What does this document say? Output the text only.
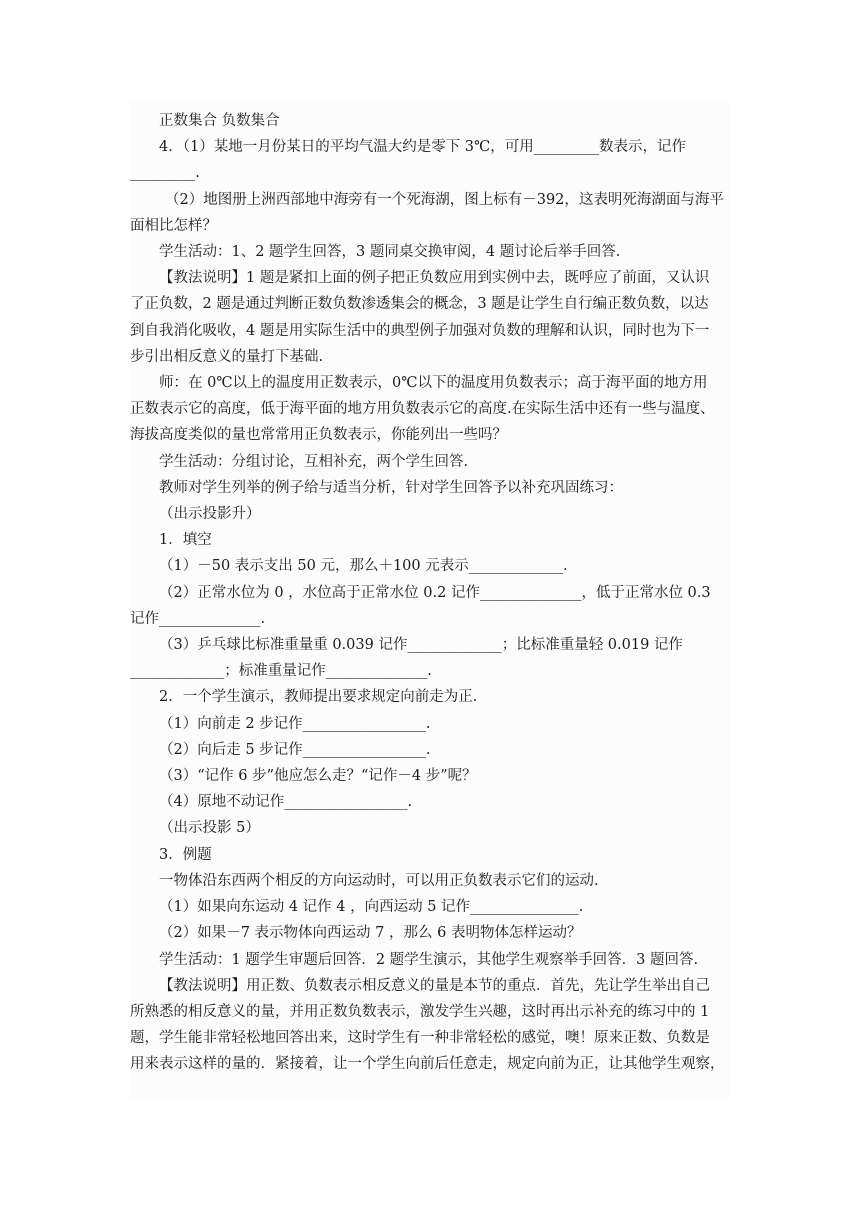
正数集合 负数集合

4．（1）某地一月份某日的平均气温大约是零下 3℃，可用_________数表示，记作

_________.

（2）地图册上洲西部地中海旁有一个死海湖，图上标有－392，这表明死海湖面与海平

面相比怎样？

学生活动：1、2 题学生回答，3 题同桌交换审阅，4 题讨论后举手回答.

【教法说明】1 题是紧扣上面的例子把正负数应用到实例中去，既呼应了前面，又认识

了正负数，2 题是通过判断正数负数渗透集会的概念，3 题是让学生自行编正数负数，以达

到自我消化吸收，4 题是用实际生活中的典型例子加强对负数的理解和认识，同时也为下一

步引出相反意义的量打下基础.

师：在 0℃以上的温度用正数表示，0℃以下的温度用负数表示；高于海平面的地方用

正数表示它的高度，低于海平面的地方用负数表示它的高度.在实际生活中还有一些与温度、

海拔高度类似的量也常常用正负数表示，你能列出一些吗？

学生活动：分组讨论，互相补充，两个学生回答.

教师对学生列举的例子给与适当分析，针对学生回答予以补充巩固练习：

（出示投影升）

1．填空

（1）－50 表示支出 50 元，那么＋100 元表示_____________.

（2）正常水位为 0 ，水位高于正常水位 0.2 记作______________，低于正常水位 0.3

记作______________.

（3）乒乓球比标准重量重 0.039 记作_____________；比标准重量轻 0.019 记作

_____________；标准重量记作______________.

2．一个学生演示，教师提出要求规定向前走为正.

（1）向前走 2 步记作_________________.

（2）向后走 5 步记作_________________.

（3）“记作 6 步”他应怎么走？“记作－4 步”呢？

（4）原地不动记作_________________.

（出示投影 5）

3．例题

一物体沿东西两个相反的方向运动时，可以用正负数表示它们的运动.

（1）如果向东运动 4 记作 4 ，向西运动 5 记作_______________.

（2）如果－7 表示物体向西运动 7 ，那么 6 表明物体怎样运动？

学生活动：1 题学生审题后回答．2 题学生演示，其他学生观察举手回答．3 题回答.

【教法说明】用正数、负数表示相反意义的量是本节的重点．首先，先让学生举出自己

所熟悉的相反意义的量，并用正数负数表示，激发学生兴趣，这时再出示补充的练习中的 1

题，学生能非常轻松地回答出来，这时学生有一种非常轻松的感觉，噢！原来正数、负数是

用来表示这样的量的．紧接着，让一个学生向前后任意走，规定向前为正，让其他学生观察，
